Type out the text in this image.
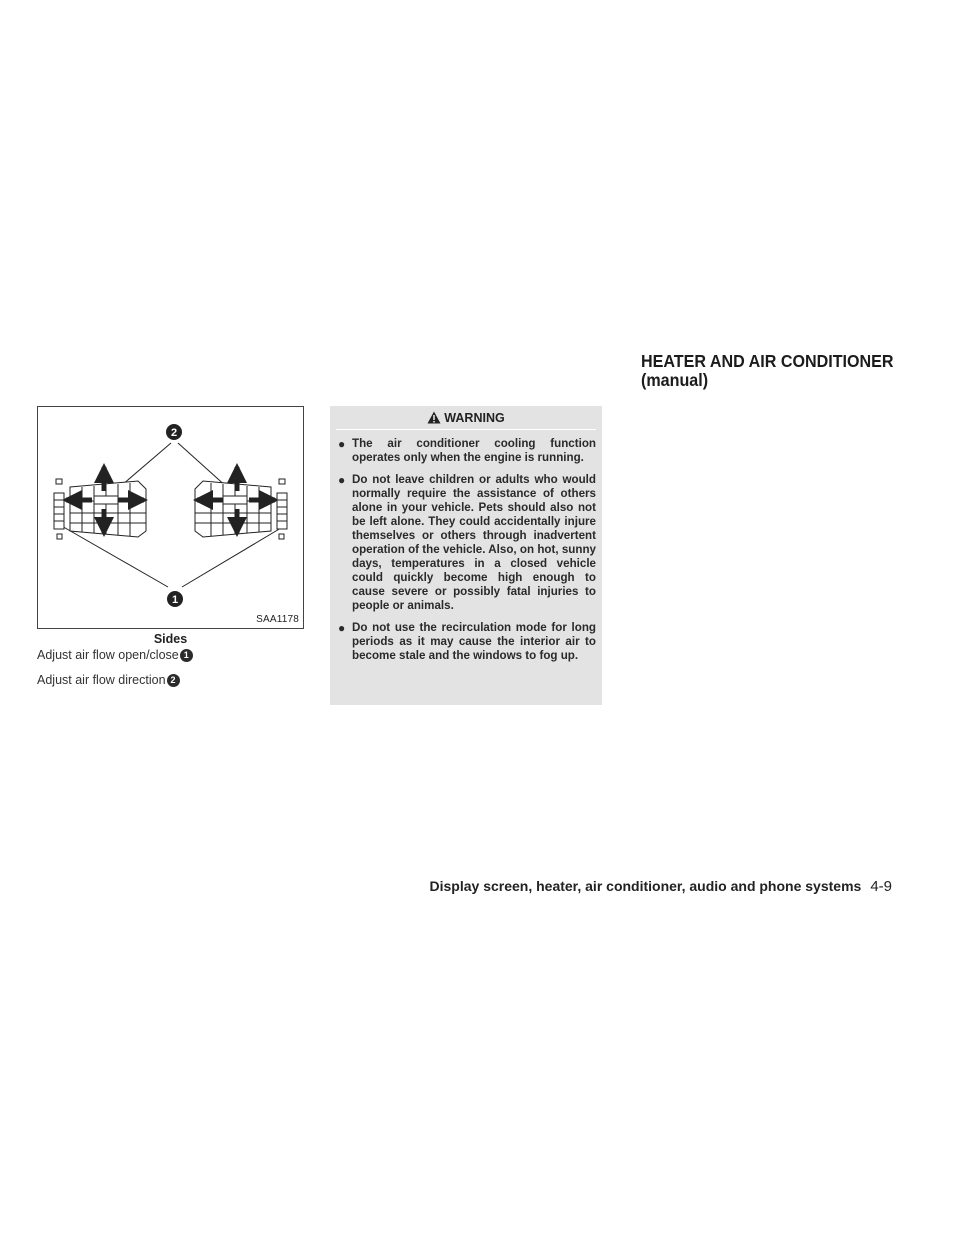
HEATER AND AIR CONDITIONER
(manual)
2
1
SAA1178
Sides
Adjust air flow open/close 1
Adjust air flow direction 2
WARNING
● The air conditioner cooling function operates only when the engine is running.
● Do not leave children or adults who would normally require the assistance of others alone in your vehicle. Pets should also not be left alone. They could accidentally injure themselves or others through inadvertent operation of the vehicle. Also, on hot, sunny days, temperatures in a closed vehicle could quickly become high enough to cause severe or possibly fatal injuries to people or animals.
● Do not use the recirculation mode for long periods as it may cause the interior air to become stale and the windows to fog up.
Display screen, heater, air conditioner, audio and phone systems 4-9
